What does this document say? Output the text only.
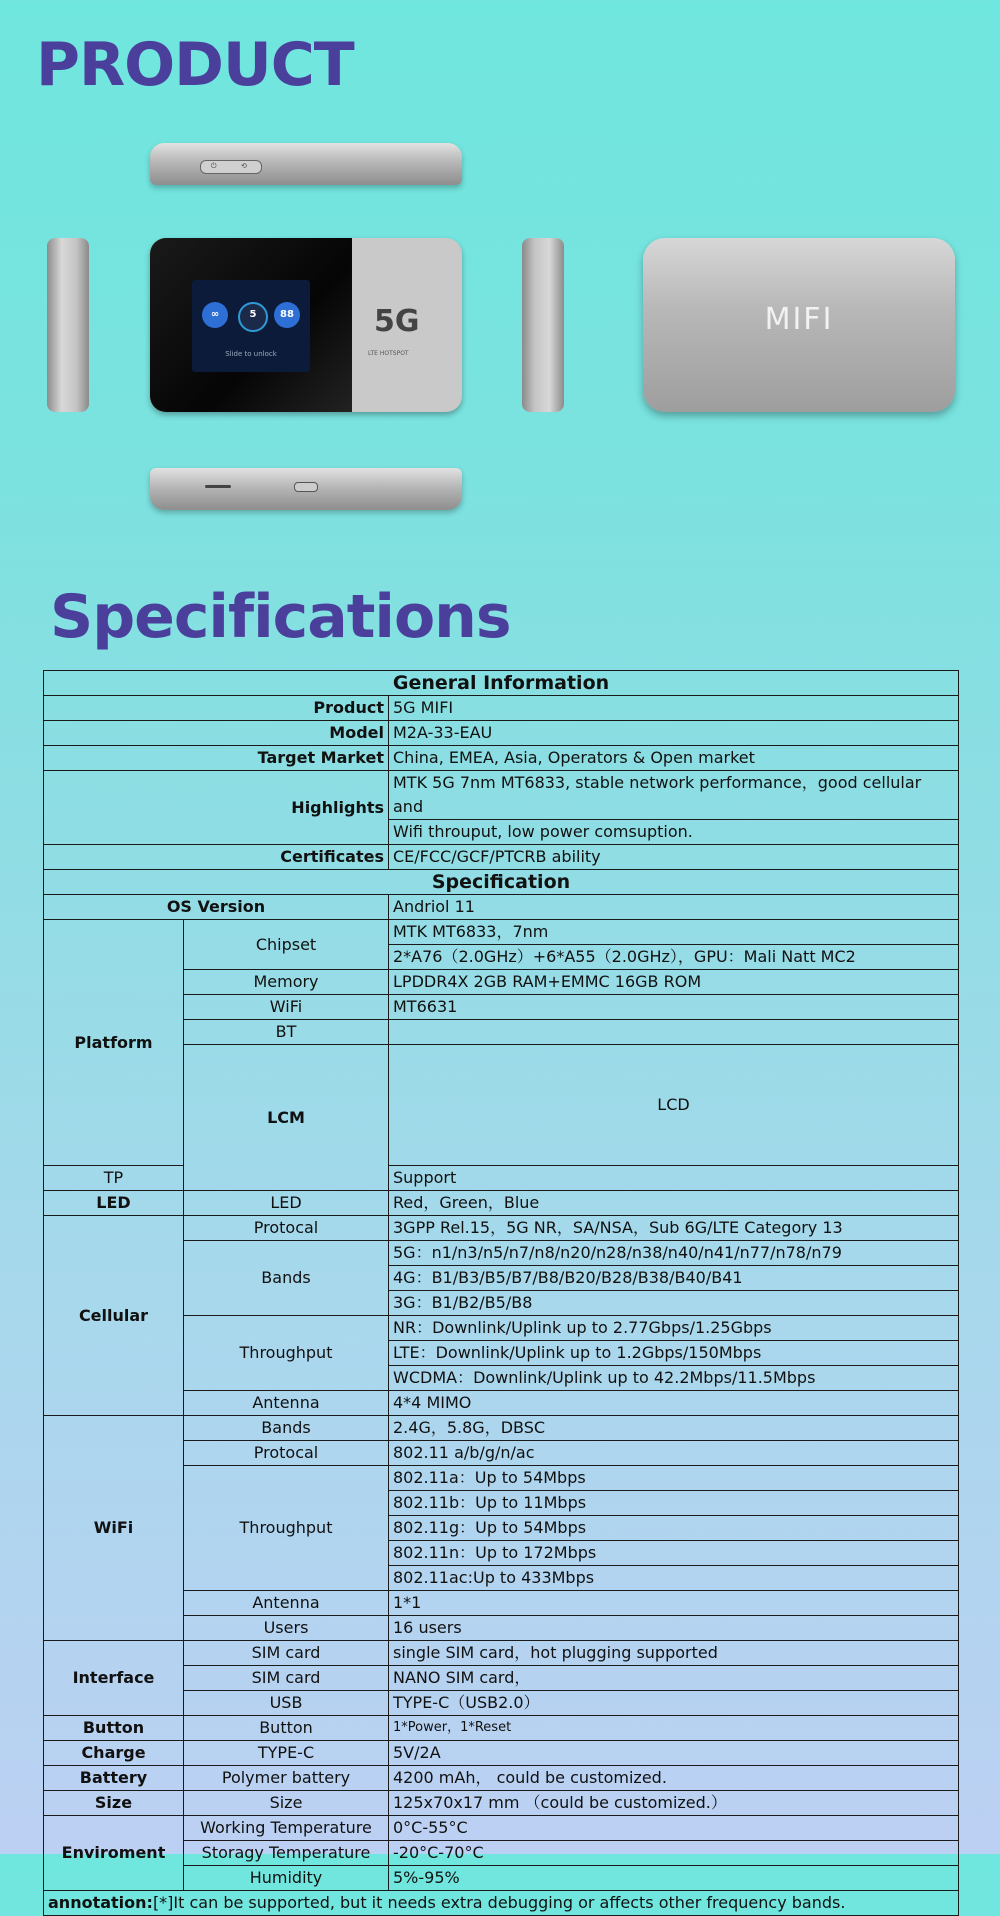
PRODUCT
⏻	⟲
∞	5	88
Slide to unlock
5G
LTE HOTSPOT
MIFI
Specifications
General Information			
Product		5G MIFI	
Model		M2A-33-EAU	
Target Market		China, EMEA, Asia, Operators & Open market	
Highlights		MTK 5G 7nm MT6833, stable network performance，good cellular and	
		Wifi throuput, low power comsuption.	
Certificates		CE/FCC/GCF/PTCRB ability	
Specification			
OS Version		Andriol 11	
Platform	Chipset	MTK MT6833，7nm	
		2*A76（2.0GHz）+6*A55（2.0GHz），GPU：Mali Natt MC2	
	Memory	LPDDR4X 2GB RAM+EMMC 16GB ROM	
	WiFi	MT6631	
	BT		
	LCM	LCD	
TP		Support	
LED	LED	Red，Green，Blue	
Cellular	Protocal	3GPP Rel.15，5G NR，SA/NSA，Sub 6G/LTE Category 13	
	Bands	5G：n1/n3/n5/n7/n8/n20/n28/n38/n40/n41/n77/n78/n79	
		4G：B1/B3/B5/B7/B8/B20/B28/B38/B40/B41	
		3G：B1/B2/B5/B8	
	Throughput	NR：Downlink/Uplink up to 2.77Gbps/1.25Gbps	
		LTE：Downlink/Uplink up to 1.2Gbps/150Mbps	
		WCDMA：Downlink/Uplink up to 42.2Mbps/11.5Mbps	
	Antenna	4*4 MIMO	
WiFi	Bands	2.4G，5.8G，DBSC	
	Protocal	802.11 a/b/g/n/ac	
	Throughput	802.11a：Up to 54Mbps	
		802.11b：Up to 11Mbps	
		802.11g：Up to 54Mbps	
		802.11n：Up to 172Mbps	
		802.11ac:Up to 433Mbps	
	Antenna	1*1	
	Users	16 users	
Interface	SIM card	single SIM card，hot plugging supported	
	SIM card	NANO SIM card，	
	USB	TYPE-C（USB2.0）	
Button	Button	1*Power，1*Reset	
Charge	TYPE-C	5V/2A	
Battery	Polymer battery	4200 mAh， could be customized.	
Size	Size	125x70x17 mm （could be customized.）	
Enviroment	Working Temperature	0°C-55°C	
	Storagy Temperature	-20°C-70°C	
	Humidity	5%-95%	
annotation:[*]It can be supported, but it needs extra debugging or affects other frequency bands.			
